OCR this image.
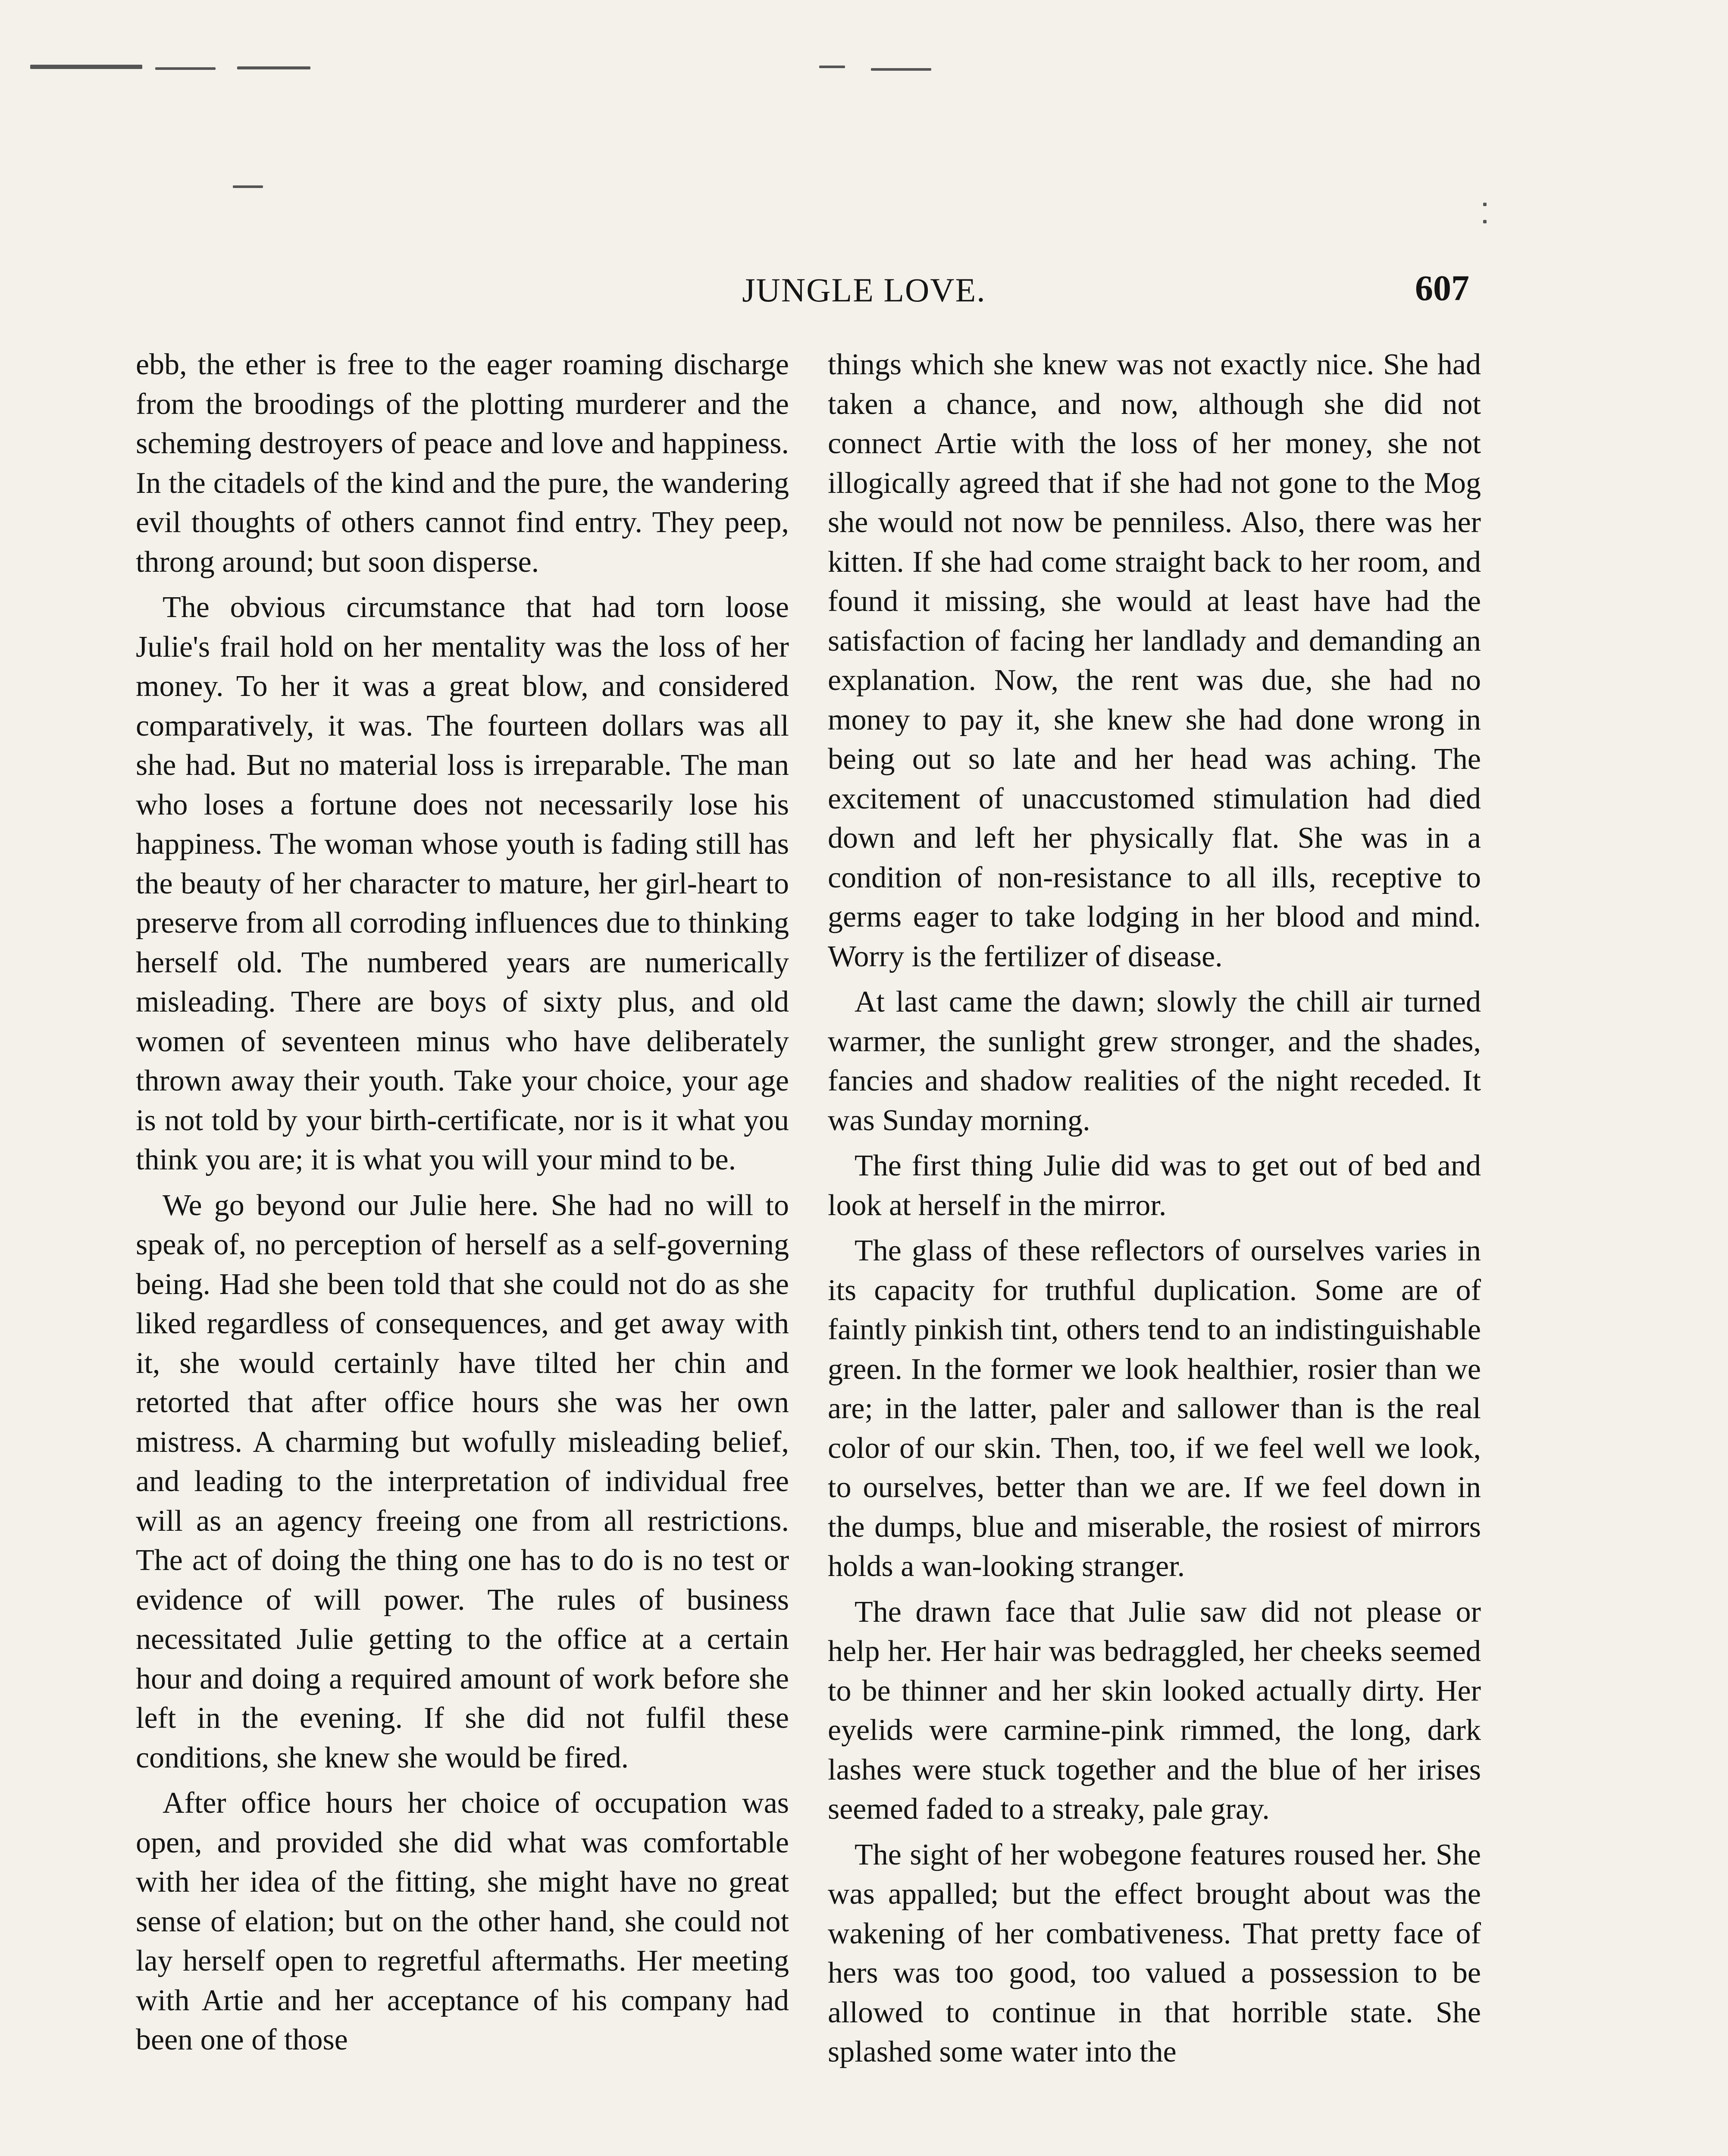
JUNGLE LOVE.	607

ebb, the ether is free to the eager roaming discharge from the broodings of the plotting murderer and the scheming destroyers of peace and love and happiness. In the citadels of the kind and the pure, the wandering evil thoughts of others cannot find entry. They peep, throng around; but soon disperse.

The obvious circumstance that had torn loose Julie's frail hold on her mentality was the loss of her money. To her it was a great blow, and considered comparatively, it was. The fourteen dollars was all she had. But no material loss is irreparable. The man who loses a fortune does not necessarily lose his happiness. The woman whose youth is fading still has the beauty of her character to mature, her girl-heart to preserve from all corroding influences due to thinking herself old. The numbered years are numerically misleading. There are boys of sixty plus, and old women of seventeen minus who have deliberately thrown away their youth. Take your choice, your age is not told by your birth-certificate, nor is it what you think you are; it is what you will your mind to be.

We go beyond our Julie here. She had no will to speak of, no perception of herself as a self-governing being. Had she been told that she could not do as she liked regardless of consequences, and get away with it, she would certainly have tilted her chin and retorted that after office hours she was her own mistress. A charming but wofully misleading belief, and leading to the interpretation of individual free will as an agency freeing one from all restrictions. The act of doing the thing one has to do is no test or evidence of will power. The rules of business necessitated Julie getting to the office at a certain hour and doing a required amount of work before she left in the evening. If she did not fulfil these conditions, she knew she would be fired.

After office hours her choice of occupation was open, and provided she did what was comfortable with her idea of the fitting, she might have no great sense of elation; but on the other hand, she could not lay herself open to regretful aftermaths. Her meeting with Artie and her acceptance of his company had been one of those

things which she knew was not exactly nice. She had taken a chance, and now, although she did not connect Artie with the loss of her money, she not illogically agreed that if she had not gone to the Mog she would not now be penniless. Also, there was her kitten. If she had come straight back to her room, and found it missing, she would at least have had the satisfaction of facing her landlady and demanding an explanation. Now, the rent was due, she had no money to pay it, she knew she had done wrong in being out so late and her head was aching. The excitement of unaccustomed stimulation had died down and left her physically flat. She was in a condition of non-resistance to all ills, receptive to germs eager to take lodging in her blood and mind. Worry is the fertilizer of disease.

At last came the dawn; slowly the chill air turned warmer, the sunlight grew stronger, and the shades, fancies and shadow realities of the night receded. It was Sunday morning.

The first thing Julie did was to get out of bed and look at herself in the mirror.

The glass of these reflectors of ourselves varies in its capacity for truthful duplication. Some are of faintly pinkish tint, others tend to an indistinguishable green. In the former we look healthier, rosier than we are; in the latter, paler and sallower than is the real color of our skin. Then, too, if we feel well we look, to ourselves, better than we are. If we feel down in the dumps, blue and miserable, the rosiest of mirrors holds a wan-looking stranger.

The drawn face that Julie saw did not please or help her. Her hair was bedraggled, her cheeks seemed to be thinner and her skin looked actually dirty. Her eyelids were carmine-pink rimmed, the long, dark lashes were stuck together and the blue of her irises seemed faded to a streaky, pale gray.

The sight of her wobegone features roused her. She was appalled; but the effect brought about was the wakening of her combativeness. That pretty face of hers was too good, too valued a possession to be allowed to continue in that horrible state. She splashed some water into the
